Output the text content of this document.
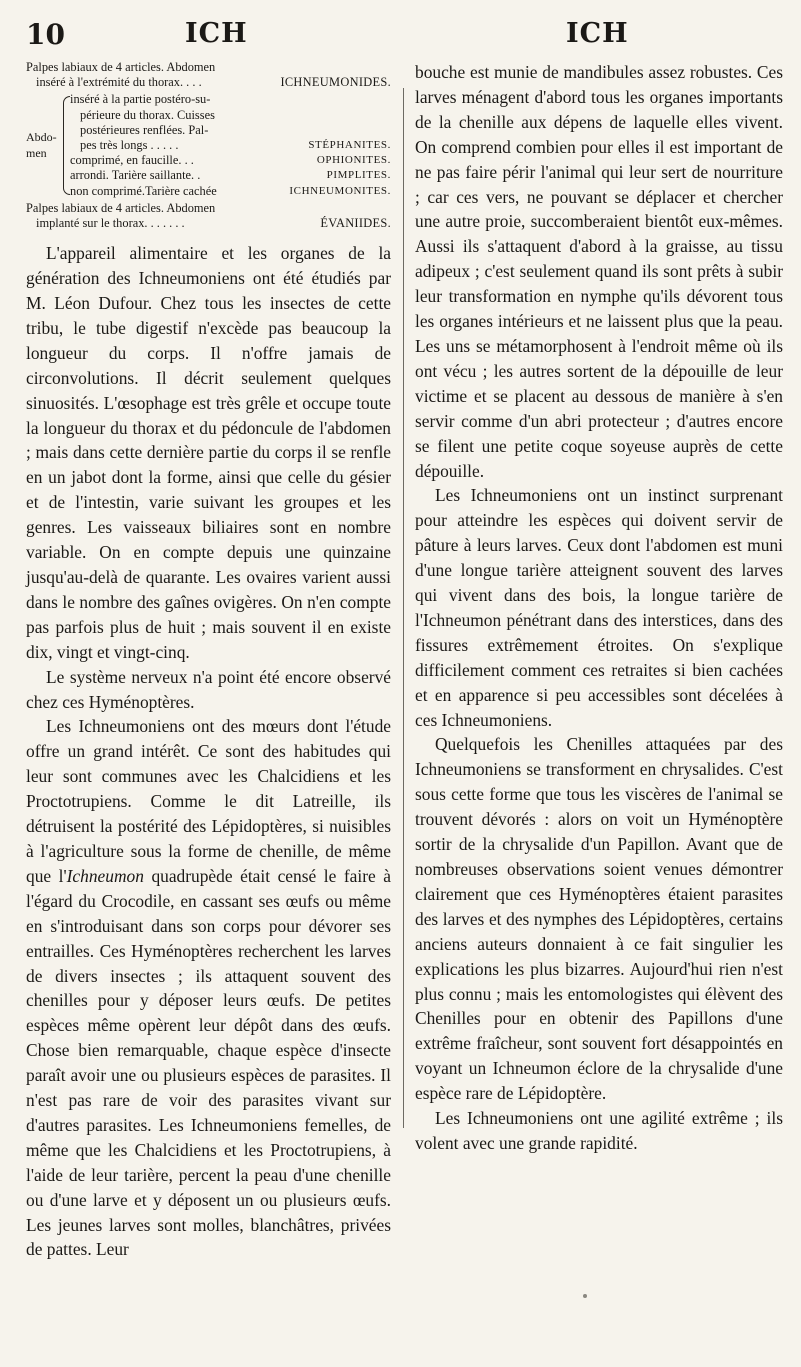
10	ICH	ICH
Palpes labiaux de 4 articles. Abdomen
inséré à l'extrémité du thorax. . . .	ICHNEUMONIDES.
Abdo-men
inséré à la partie postéro-su-
périeure du thorax. Cuisses
postérieures renflées. Pal-
pes très longs . . . . .	STÉPHANITES.
comprimé, en faucille. . .	OPHIONITES.
arrondi. Tarière saillante. .	PIMPLITES.
non comprimé.Tarière cachée	ICHNEUMONITES.
Palpes labiaux de 4 articles. Abdomen
implanté sur le thorax. . . . . . .	ÉVANIIDES.

L'appareil alimentaire et les organes de la génération des Ichneumoniens ont été étudiés par M. Léon Dufour. Chez tous les insectes de cette tribu, le tube digestif n'excède pas beaucoup la longueur du corps. Il n'offre jamais de circonvolutions. Il décrit seulement quelques sinuosités. L'œsophage est très grêle et occupe toute la longueur du thorax et du pédoncule de l'abdomen ; mais dans cette dernière partie du corps il se renfle en un jabot dont la forme, ainsi que celle du gésier et de l'intestin, varie suivant les groupes et les genres. Les vaisseaux biliaires sont en nombre variable. On en compte depuis une quinzaine jusqu'au-delà de quarante. Les ovaires varient aussi dans le nombre des gaînes ovigères. On n'en compte pas parfois plus de huit ; mais souvent il en existe dix, vingt et vingt-cinq.

Le système nerveux n'a point été encore observé chez ces Hyménoptères.

Les Ichneumoniens ont des mœurs dont l'étude offre un grand intérêt. Ce sont des habitudes qui leur sont communes avec les Chalcidiens et les Proctotrupiens. Comme le dit Latreille, ils détruisent la postérité des Lépidoptères, si nuisibles à l'agriculture sous la forme de chenille, de même que l'Ichneumon quadrupède était censé le faire à l'égard du Crocodile, en cassant ses œufs ou même en s'introduisant dans son corps pour dévorer ses entrailles. Ces Hyménoptères recherchent les larves de divers insectes ; ils attaquent souvent des chenilles pour y déposer leurs œufs. De petites espèces même opèrent leur dépôt dans des œufs. Chose bien remarquable, chaque espèce d'insecte paraît avoir une ou plusieurs espèces de parasites. Il n'est pas rare de voir des parasites vivant sur d'autres parasites. Les Ichneumoniens femelles, de même que les Chalcidiens et les Proctotrupiens, à l'aide de leur tarière, percent la peau d'une chenille ou d'une larve et y déposent un ou plusieurs œufs. Les jeunes larves sont molles, blanchâtres, privées de pattes. Leur

bouche est munie de mandibules assez robustes. Ces larves ménagent d'abord tous les organes importants de la chenille aux dépens de laquelle elles vivent. On comprend combien pour elles il est important de ne pas faire périr l'animal qui leur sert de nourriture ; car ces vers, ne pouvant se déplacer et chercher une autre proie, succomberaient bientôt eux-mêmes. Aussi ils s'attaquent d'abord à la graisse, au tissu adipeux ; c'est seulement quand ils sont prêts à subir leur transformation en nymphe qu'ils dévorent tous les organes intérieurs et ne laissent plus que la peau. Les uns se métamorphosent à l'endroit même où ils ont vécu ; les autres sortent de la dépouille de leur victime et se placent au dessous de manière à s'en servir comme d'un abri protecteur ; d'autres encore se filent une petite coque soyeuse auprès de cette dépouille.

Les Ichneumoniens ont un instinct surprenant pour atteindre les espèces qui doivent servir de pâture à leurs larves. Ceux dont l'abdomen est muni d'une longue tarière atteignent souvent des larves qui vivent dans des bois, la longue tarière de l'Ichneumon pénétrant dans des interstices, dans des fissures extrêmement étroites. On s'explique difficilement comment ces retraites si bien cachées et en apparence si peu accessibles sont décelées à ces Ichneumoniens.

Quelquefois les Chenilles attaquées par des Ichneumoniens se transforment en chrysalides. C'est sous cette forme que tous les viscères de l'animal se trouvent dévorés : alors on voit un Hyménoptère sortir de la chrysalide d'un Papillon. Avant que de nombreuses observations soient venues démontrer clairement que ces Hyménoptères étaient parasites des larves et des nymphes des Lépidoptères, certains anciens auteurs donnaient à ce fait singulier les explications les plus bizarres. Aujourd'hui rien n'est plus connu ; mais les entomologistes qui élèvent des Chenilles pour en obtenir des Papillons d'une extrême fraîcheur, sont souvent fort désappointés en voyant un Ichneumon éclore de la chrysalide d'une espèce rare de Lépidoptère.

Les Ichneumoniens ont une agilité extrême ; ils volent avec une grande rapidité.
